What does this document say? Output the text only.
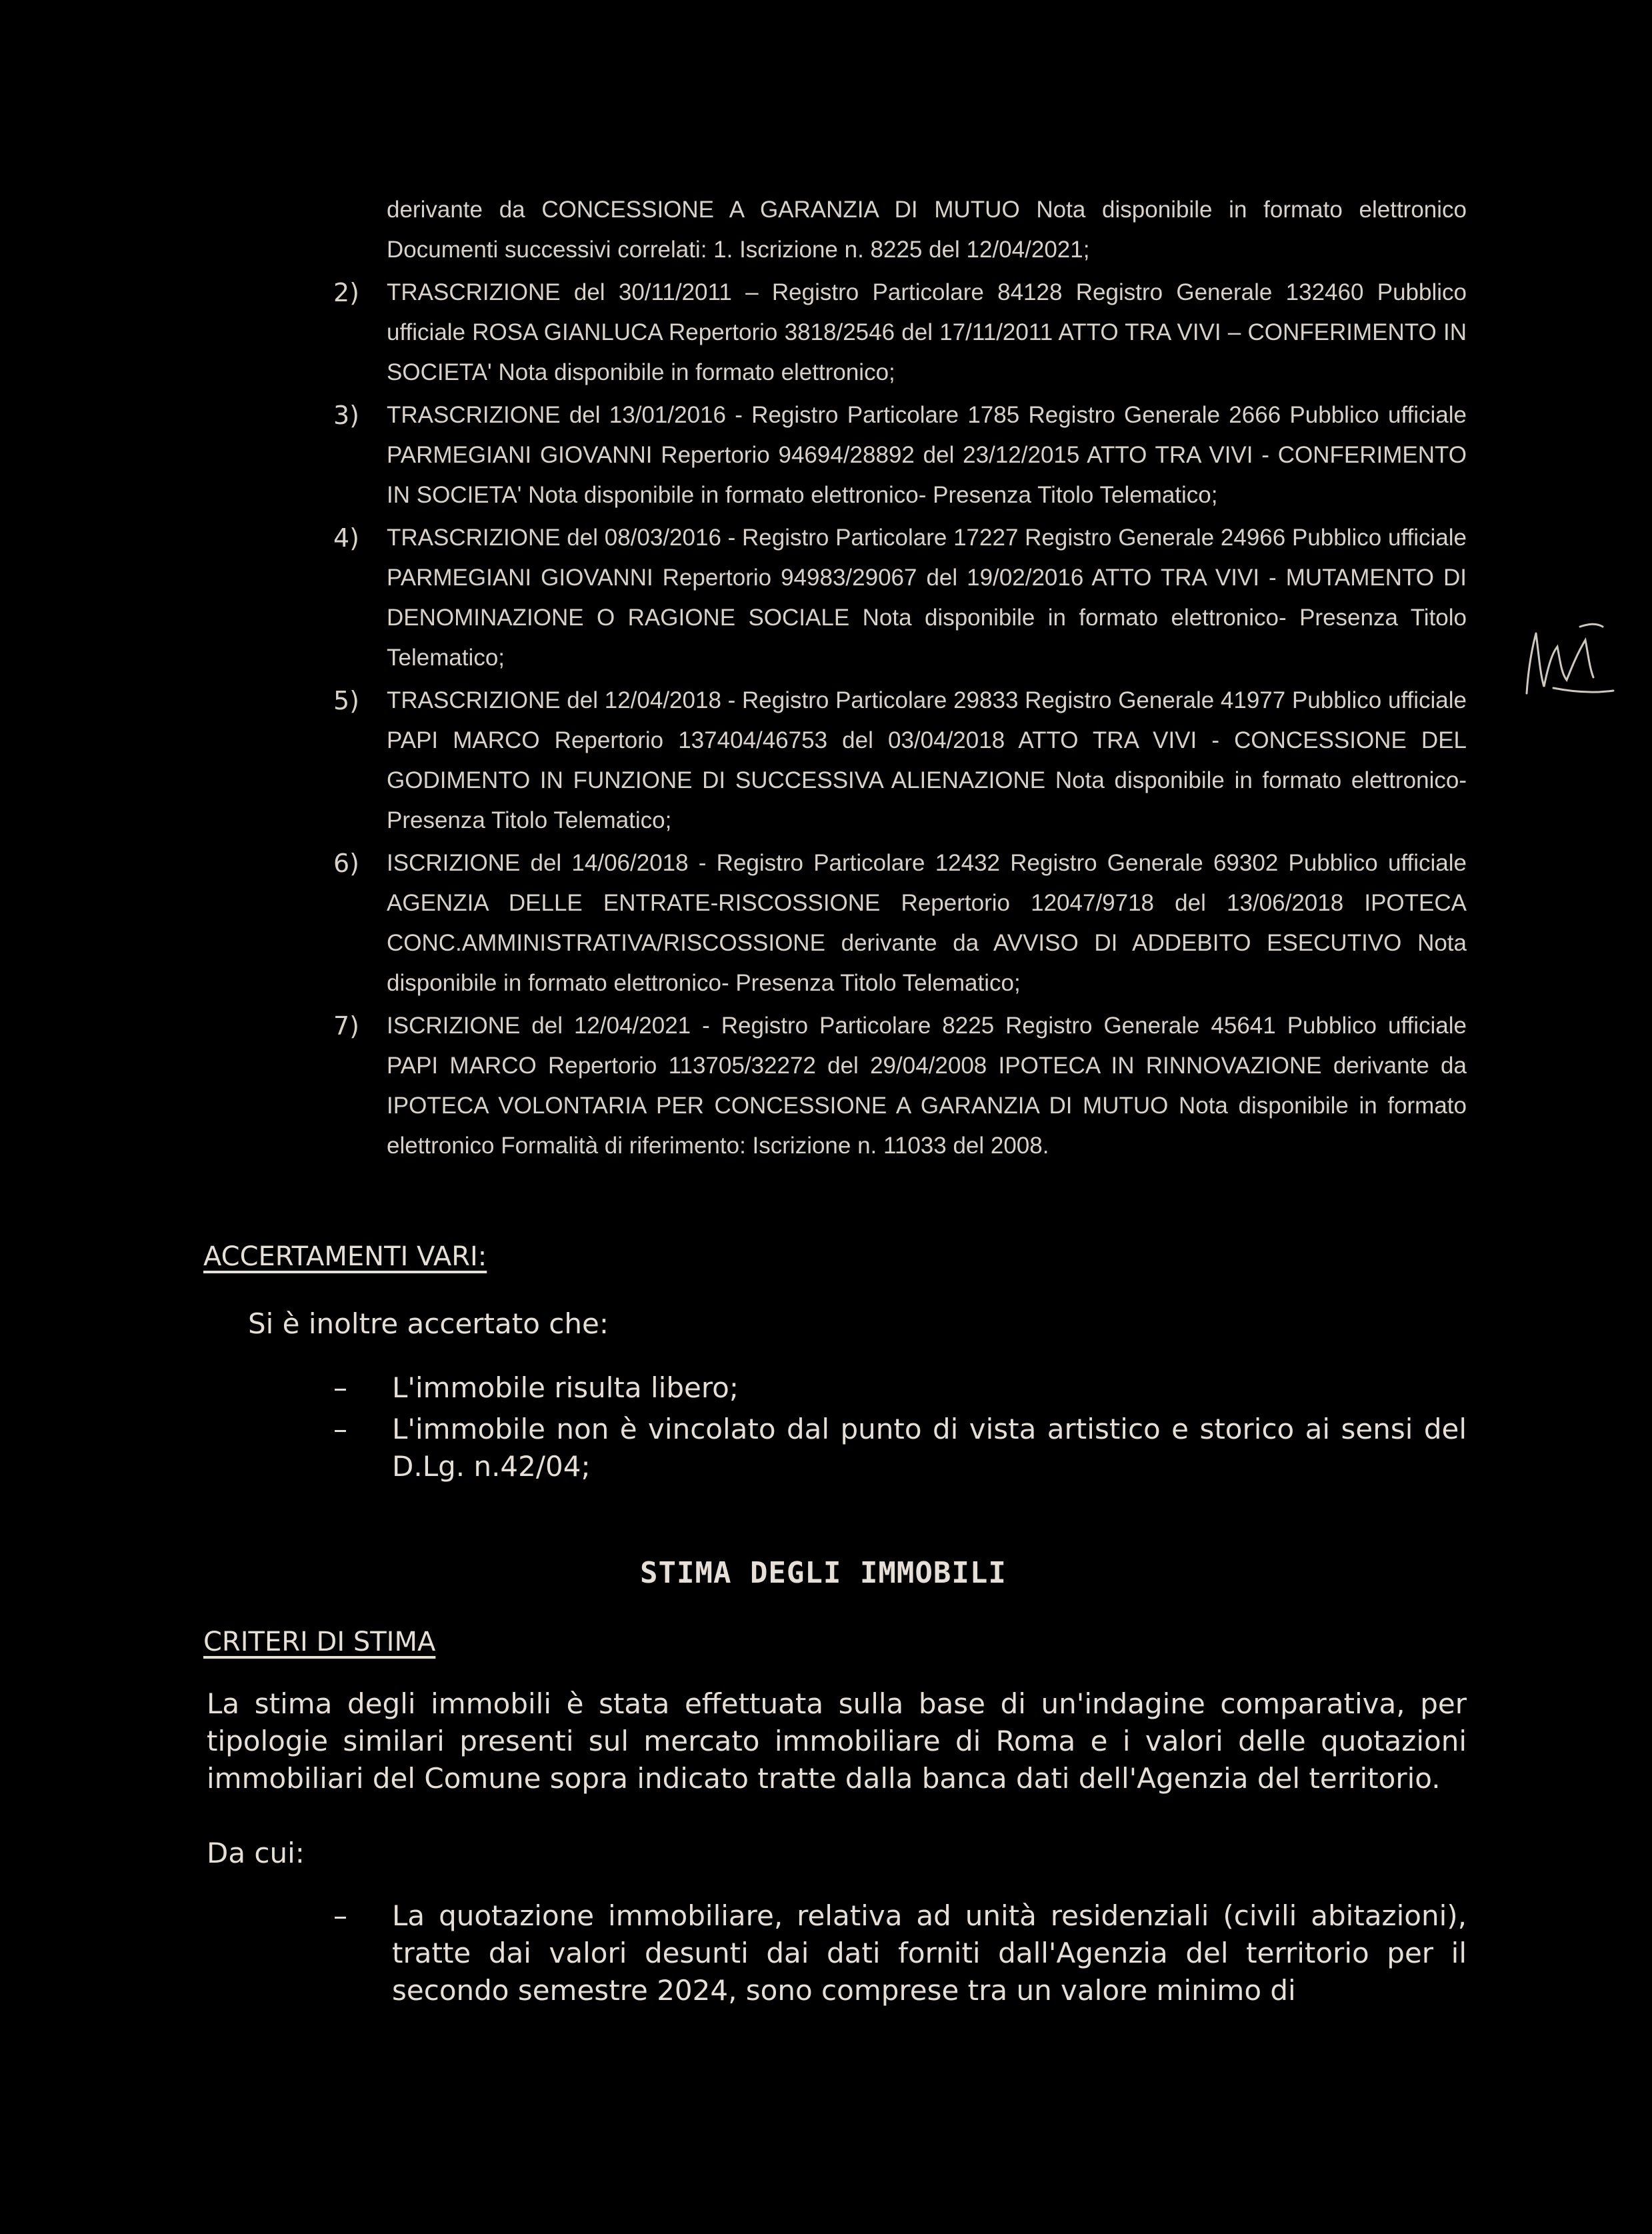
derivante da CONCESSIONE A GARANZIA DI MUTUO Nota disponibile in formato elettronico Documenti successivi correlati: 1. Iscrizione n. 8225 del 12/04/2021;

2)	TRASCRIZIONE del 30/11/2011 – Registro Particolare 84128 Registro Generale 132460 Pubblico ufficiale ROSA GIANLUCA Repertorio 3818/2546 del 17/11/2011 ATTO TRA VIVI – CONFERIMENTO IN SOCIETA' Nota disponibile in formato elettronico;
3)	TRASCRIZIONE del 13/01/2016 - Registro Particolare 1785 Registro Generale 2666 Pubblico ufficiale PARMEGIANI GIOVANNI Repertorio 94694/28892 del 23/12/2015 ATTO TRA VIVI - CONFERIMENTO IN SOCIETA' Nota disponibile in formato elettronico- Presenza Titolo Telematico;
4)	TRASCRIZIONE del 08/03/2016 - Registro Particolare 17227 Registro Generale 24966 Pubblico ufficiale PARMEGIANI GIOVANNI Repertorio 94983/29067 del 19/02/2016 ATTO TRA VIVI - MUTAMENTO DI DENOMINAZIONE O RAGIONE SOCIALE Nota disponibile in formato elettronico- Presenza Titolo Telematico;
5)	TRASCRIZIONE del 12/04/2018 - Registro Particolare 29833 Registro Generale 41977 Pubblico ufficiale PAPI MARCO Repertorio 137404/46753 del 03/04/2018 ATTO TRA VIVI - CONCESSIONE DEL GODIMENTO IN FUNZIONE DI SUCCESSIVA ALIENAZIONE Nota disponibile in formato elettronico- Presenza Titolo Telematico;
6)	ISCRIZIONE del 14/06/2018 - Registro Particolare 12432 Registro Generale 69302 Pubblico ufficiale AGENZIA DELLE ENTRATE-RISCOSSIONE Repertorio 12047/9718 del 13/06/2018 IPOTECA CONC.AMMINISTRATIVA/RISCOSSIONE derivante da AVVISO DI ADDEBITO ESECUTIVO Nota disponibile in formato elettronico- Presenza Titolo Telematico;
7)	ISCRIZIONE del 12/04/2021 - Registro Particolare 8225 Registro Generale 45641 Pubblico ufficiale PAPI MARCO Repertorio 113705/32272 del 29/04/2008 IPOTECA IN RINNOVAZIONE derivante da IPOTECA VOLONTARIA PER CONCESSIONE A GARANZIA DI MUTUO Nota disponibile in formato elettronico Formalità di riferimento: Iscrizione n. 11033 del 2008.
ACCERTAMENTI VARI:

Si è inoltre accertato che:

–	L'immobile risulta libero;
–	L'immobile non è vincolato dal punto di vista artistico e storico ai sensi del D.Lg. n.42/04;
STIMA DEGLI IMMOBILI
CRITERI DI STIMA

La stima degli immobili è stata effettuata sulla base di un'indagine comparativa, per tipologie similari presenti sul mercato immobiliare di Roma e i valori delle quotazioni immobiliari del Comune sopra indicato tratte dalla banca dati dell'Agenzia del territorio.

Da cui:

–	La quotazione immobiliare, relativa ad unità residenziali (civili abitazioni), tratte dai valori desunti dai dati forniti dall'Agenzia del territorio per il secondo semestre 2024, sono comprese tra un valore minimo di
